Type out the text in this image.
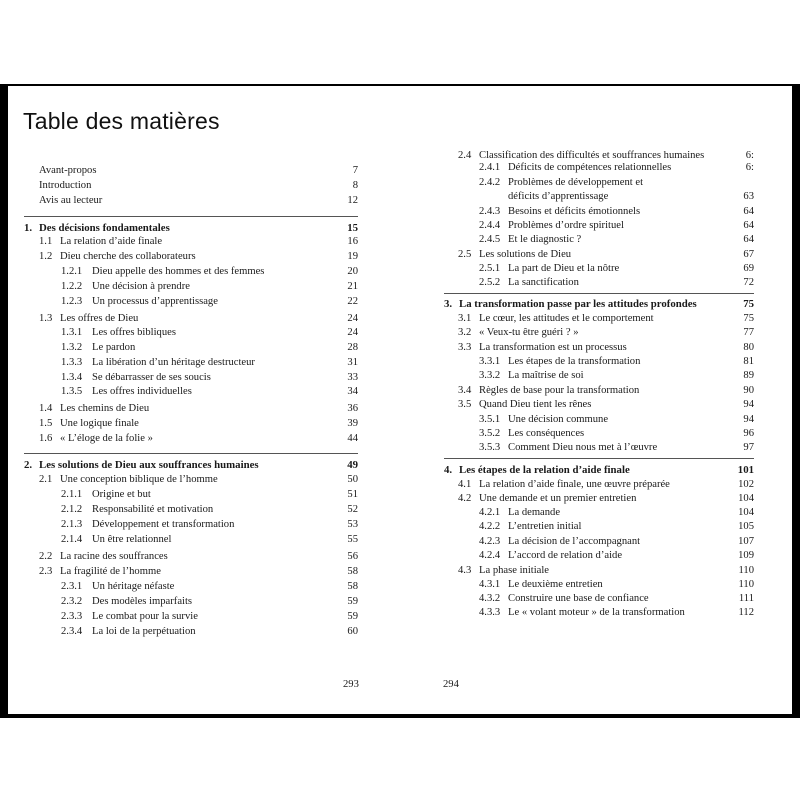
Table des matières
Avant-propos	7
Introduction	8
Avis au lecteur	12
1. Des décisions fondamentales	15
1.1 La relation d’aide finale	16
1.2 Dieu cherche des collaborateurs	19
1.2.1 Dieu appelle des hommes et des femmes	20
1.2.2 Une décision à prendre	21
1.2.3 Un processus d’apprentissage	22
1.3 Les offres de Dieu	24
1.3.1 Les offres bibliques	24
1.3.2 Le pardon	28
1.3.3 La libération d’un héritage destructeur	31
1.3.4 Se débarrasser de ses soucis	33
1.3.5 Les offres individuelles	34
1.4 Les chemins de Dieu	36
1.5 Une logique finale	39
1.6 « L’éloge de la folie »	44
2. Les solutions de Dieu aux souffrances humaines	49
2.1 Une conception biblique de l’homme	50
2.1.1 Origine et but	51
2.1.2 Responsabilité et motivation	52
2.1.3 Développement et transformation	53
2.1.4 Un être relationnel	55
2.2 La racine des souffrances	56
2.3 La fragilité de l’homme	58
2.3.1 Un héritage néfaste	58
2.3.2 Des modèles imparfaits	59
2.3.3 Le combat pour la survie	59
2.3.4 La loi de la perpétuation	60
2.4 Classification des difficultés et souffrances humaines	6:
2.4.1 Déficits de compétences relationnelles	6:
2.4.2 Problèmes de développement et
déficits d’apprentissage	63
2.4.3 Besoins et déficits émotionnels	64
2.4.4 Problèmes d’ordre spirituel	64
2.4.5 Et le diagnostic ?	64
2.5 Les solutions de Dieu	67
2.5.1 La part de Dieu et la nôtre	69
2.5.2 La sanctification	72
3. La transformation passe par les attitudes profondes	75
3.1 Le cœur, les attitudes et le comportement	75
3.2 « Veux-tu être guéri ? »	77
3.3 La transformation est un processus	80
3.3.1 Les étapes de la transformation	81
3.3.2 La maîtrise de soi	89
3.4 Règles de base pour la transformation	90
3.5 Quand Dieu tient les rênes	94
3.5.1 Une décision commune	94
3.5.2 Les conséquences	96
3.5.3 Comment Dieu nous met à l’œuvre	97
4. Les étapes de la relation d’aide finale	101
4.1 La relation d’aide finale, une œuvre préparée	102
4.2 Une demande et un premier entretien	104
4.2.1 La demande	104
4.2.2 L’entretien initial	105
4.2.3 La décision de l’accompagnant	107
4.2.4 L’accord de relation d’aide	109
4.3 La phase initiale	110
4.3.1 Le deuxième entretien	110
4.3.2 Construire une base de confiance	111
4.3.3 Le « volant moteur » de la transformation	112
293	294
